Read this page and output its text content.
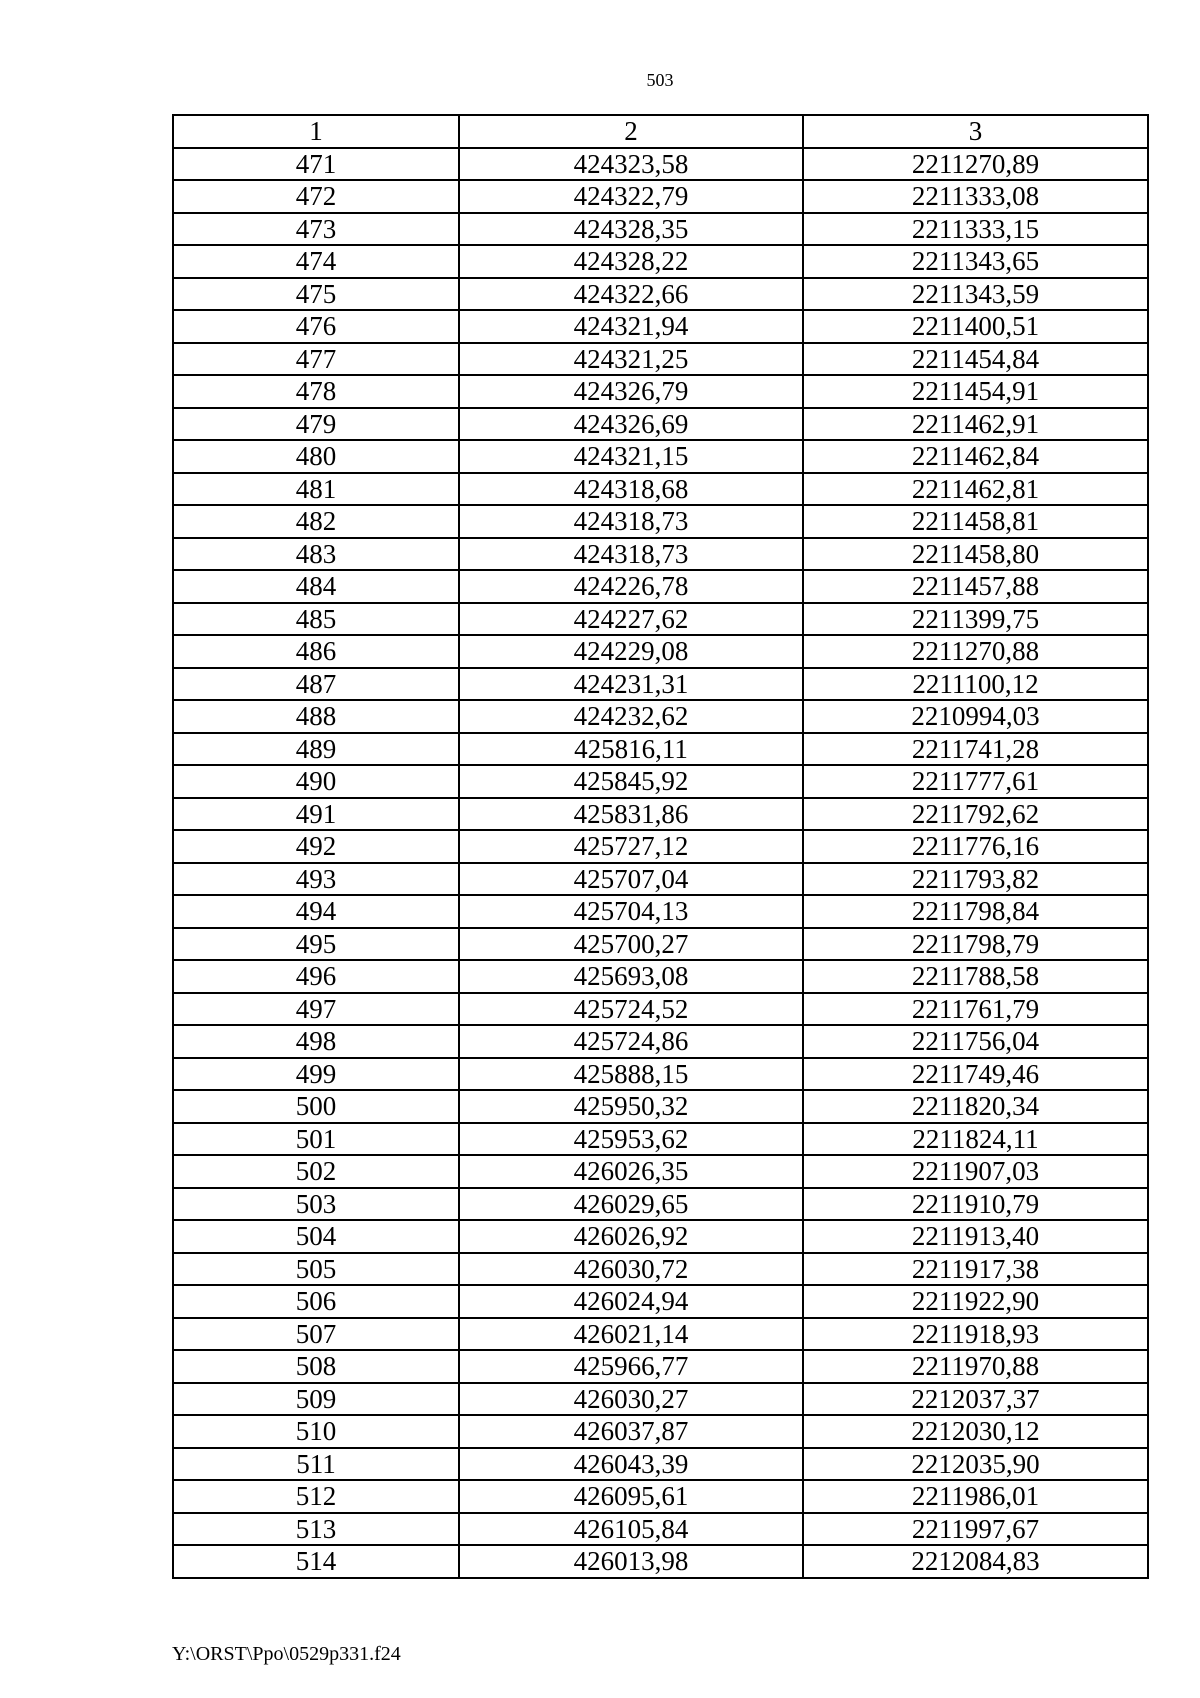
503
1	2	3
471	424323,58	2211270,89
472	424322,79	2211333,08
473	424328,35	2211333,15
474	424328,22	2211343,65
475	424322,66	2211343,59
476	424321,94	2211400,51
477	424321,25	2211454,84
478	424326,79	2211454,91
479	424326,69	2211462,91
480	424321,15	2211462,84
481	424318,68	2211462,81
482	424318,73	2211458,81
483	424318,73	2211458,80
484	424226,78	2211457,88
485	424227,62	2211399,75
486	424229,08	2211270,88
487	424231,31	2211100,12
488	424232,62	2210994,03
489	425816,11	2211741,28
490	425845,92	2211777,61
491	425831,86	2211792,62
492	425727,12	2211776,16
493	425707,04	2211793,82
494	425704,13	2211798,84
495	425700,27	2211798,79
496	425693,08	2211788,58
497	425724,52	2211761,79
498	425724,86	2211756,04
499	425888,15	2211749,46
500	425950,32	2211820,34
501	425953,62	2211824,11
502	426026,35	2211907,03
503	426029,65	2211910,79
504	426026,92	2211913,40
505	426030,72	2211917,38
506	426024,94	2211922,90
507	426021,14	2211918,93
508	425966,77	2211970,88
509	426030,27	2212037,37
510	426037,87	2212030,12
511	426043,39	2212035,90
512	426095,61	2211986,01
513	426105,84	2211997,67
514	426013,98	2212084,83
Y:\ORST\Ppo\0529p331.f24
